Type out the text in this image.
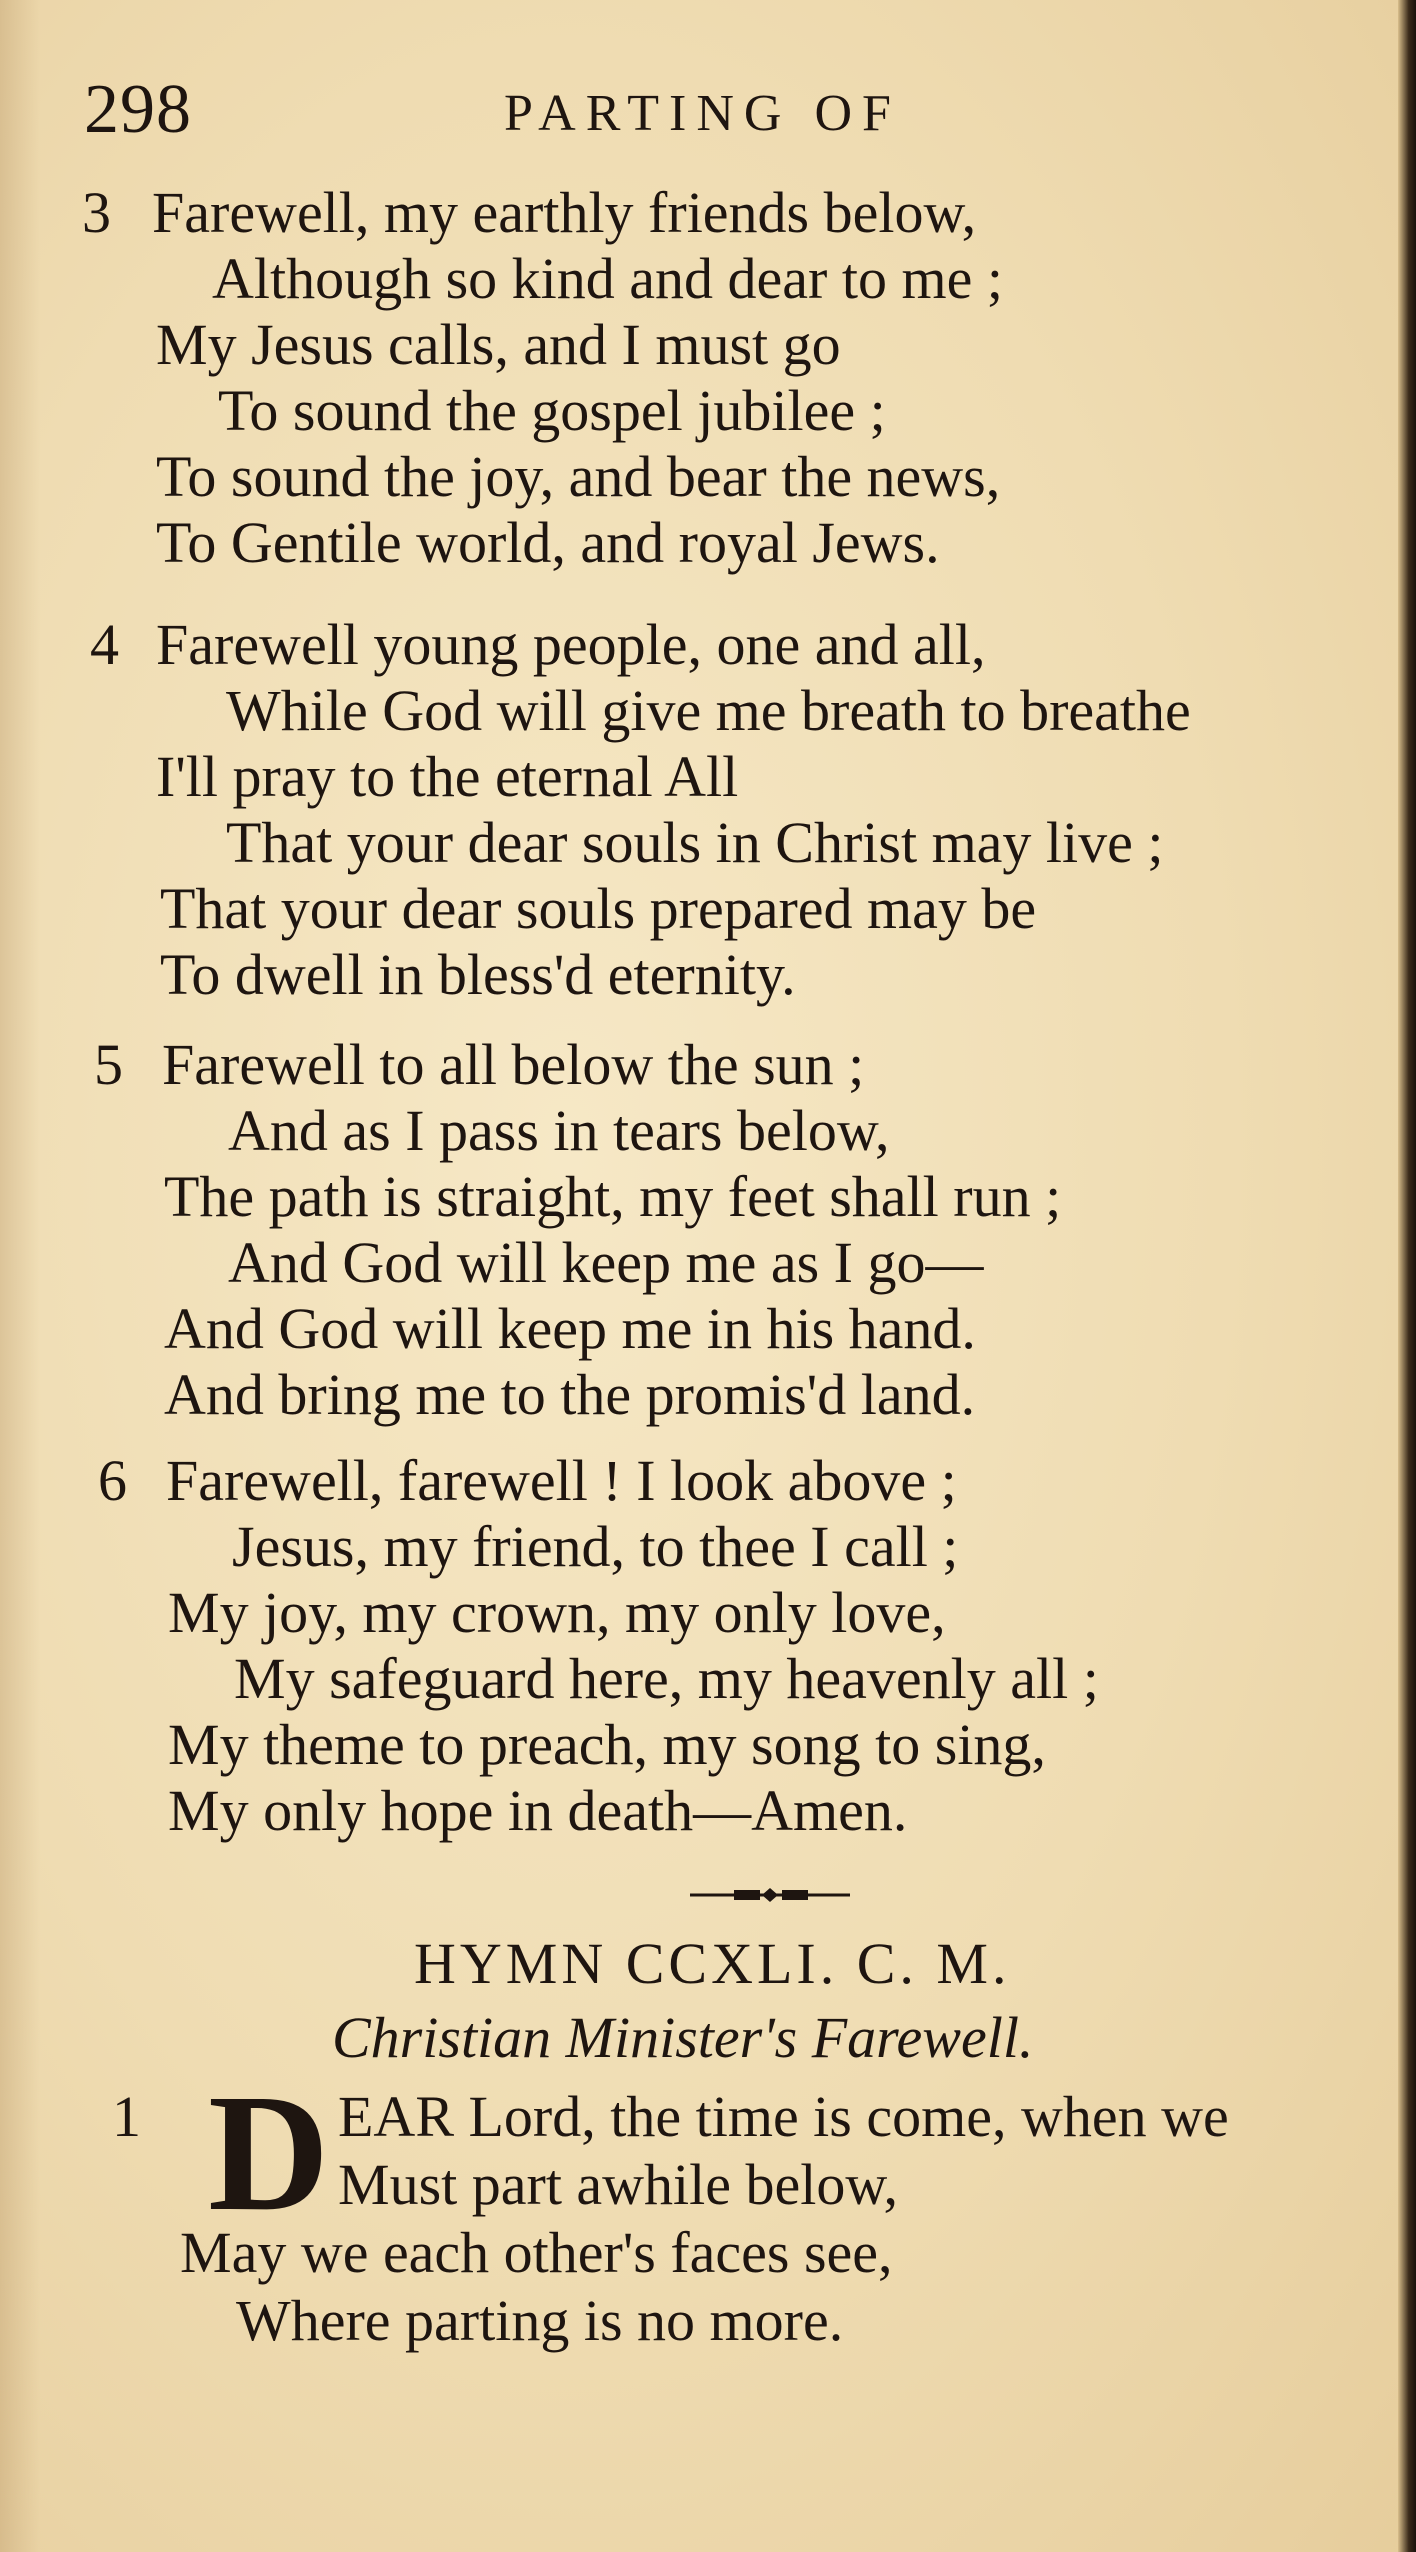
298	PARTING OF
3 Farewell, my earthly friends below,
Although so kind and dear to me ;
My Jesus calls, and I must go
To sound the gospel jubilee ;
To sound the joy, and bear the news,
To Gentile world, and royal Jews.
4 Farewell young people, one and all,
While God will give me breath to breathe
I'll pray to the eternal All
That your dear souls in Christ may live ;
That your dear souls prepared may be
To dwell in bless'd eternity.
5 Farewell to all below the sun ;
And as I pass in tears below,
The path is straight, my feet shall run ;
And God will keep me as I go—
And God will keep me in his hand.
And bring me to the promis'd land.
6 Farewell, farewell ! I look above ;
Jesus, my friend, to thee I call ;
My joy, my crown, my only love,
My safeguard here, my heavenly all ;
My theme to preach, my song to sing,
My only hope in death—Amen.
HYMN CCXLI. C. M.
Christian Minister's Farewell.
1 D EAR Lord, the time is come, when we
Must part awhile below,
May we each other's faces see,
Where parting is no more.
